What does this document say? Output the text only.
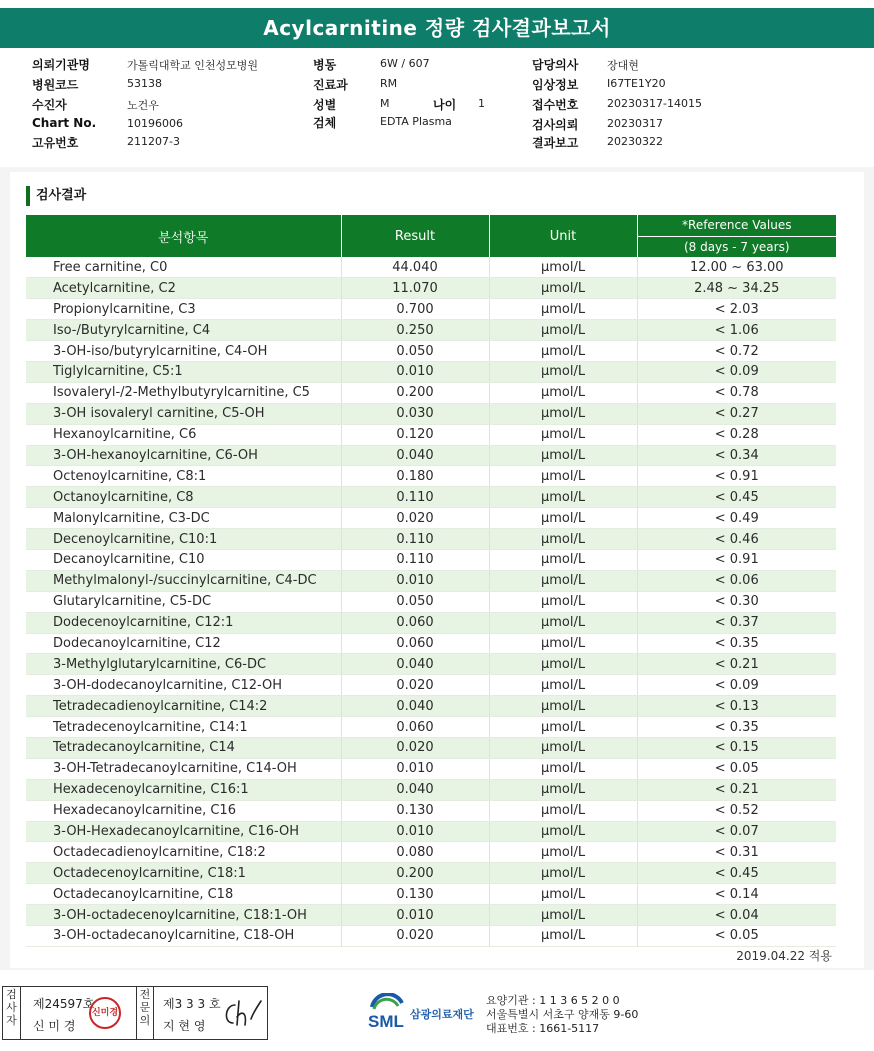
Acylcarnitine 정량 검사결과보고서
의뢰기관명	가톨릭대학교 인천성모병원
병원코드	53138
수진자	노건우
Chart No.	10196006
고유번호	211207-3
병동	6W / 607
진료과	RM
성별	M	나이 1
검체	EDTA Plasma
담당의사	장대현
임상정보	I67TE1Y20
접수번호	20230317-14015
검사의뢰	20230317
결과보고	20230322
검사결과
분석항목	Result	Unit	*Reference Values
			(8 days - 7 years)
Free carnitine, C0	44.040	µmol/L	12.00 ~ 63.00
Acetylcarnitine, C2	11.070	µmol/L	2.48 ~ 34.25
Propionylcarnitine, C3	0.700	µmol/L	< 2.03
Iso-/Butyrylcarnitine, C4	0.250	µmol/L	< 1.06
3-OH-iso/butyrylcarnitine, C4-OH	0.050	µmol/L	< 0.72
Tiglylcarnitine, C5:1	0.010	µmol/L	< 0.09
Isovaleryl-/2-Methylbutyrylcarnitine, C5	0.200	µmol/L	< 0.78
3-OH isovaleryl carnitine, C5-OH	0.030	µmol/L	< 0.27
Hexanoylcarnitine, C6	0.120	µmol/L	< 0.28
3-OH-hexanoylcarnitine, C6-OH	0.040	µmol/L	< 0.34
Octenoylcarnitine, C8:1	0.180	µmol/L	< 0.91
Octanoylcarnitine, C8	0.110	µmol/L	< 0.45
Malonylcarnitine, C3-DC	0.020	µmol/L	< 0.49
Decenoylcarnitine, C10:1	0.110	µmol/L	< 0.46
Decanoylcarnitine, C10	0.110	µmol/L	< 0.91
Methylmalonyl-/succinylcarnitine, C4-DC	0.010	µmol/L	< 0.06
Glutarylcarnitine, C5-DC	0.050	µmol/L	< 0.30
Dodecenoylcarnitine, C12:1	0.060	µmol/L	< 0.37
Dodecanoylcarnitine, C12	0.060	µmol/L	< 0.35
3-Methylglutarylcarnitine, C6-DC	0.040	µmol/L	< 0.21
3-OH-dodecanoylcarnitine, C12-OH	0.020	µmol/L	< 0.09
Tetradecadienoylcarnitine, C14:2	0.040	µmol/L	< 0.13
Tetradecenoylcarnitine, C14:1	0.060	µmol/L	< 0.35
Tetradecanoylcarnitine, C14	0.020	µmol/L	< 0.15
3-OH-Tetradecanoylcarnitine, C14-OH	0.010	µmol/L	< 0.05
Hexadecenoylcarnitine, C16:1	0.040	µmol/L	< 0.21
Hexadecanoylcarnitine, C16	0.130	µmol/L	< 0.52
3-OH-Hexadecanoylcarnitine, C16-OH	0.010	µmol/L	< 0.07
Octadecadienoylcarnitine, C18:2	0.080	µmol/L	< 0.31
Octadecenoylcarnitine, C18:1	0.200	µmol/L	< 0.45
Octadecanoylcarnitine, C18	0.130	µmol/L	< 0.14
3-OH-octadecenoylcarnitine, C18:1-OH	0.010	µmol/L	< 0.04
3-OH-octadecanoylcarnitine, C18-OH	0.020	µmol/L	< 0.05
2019.04.22 적용
검
사
자
제24597호
신 미 경
신미경
전
문
의
제3 3 3 호
지 현 영	SML 삼광의료재단
요양기관 : 1 1 3 6 5 2 0 0
서울특별시 서초구 양재동 9-60
대표번호 : 1661-5117
